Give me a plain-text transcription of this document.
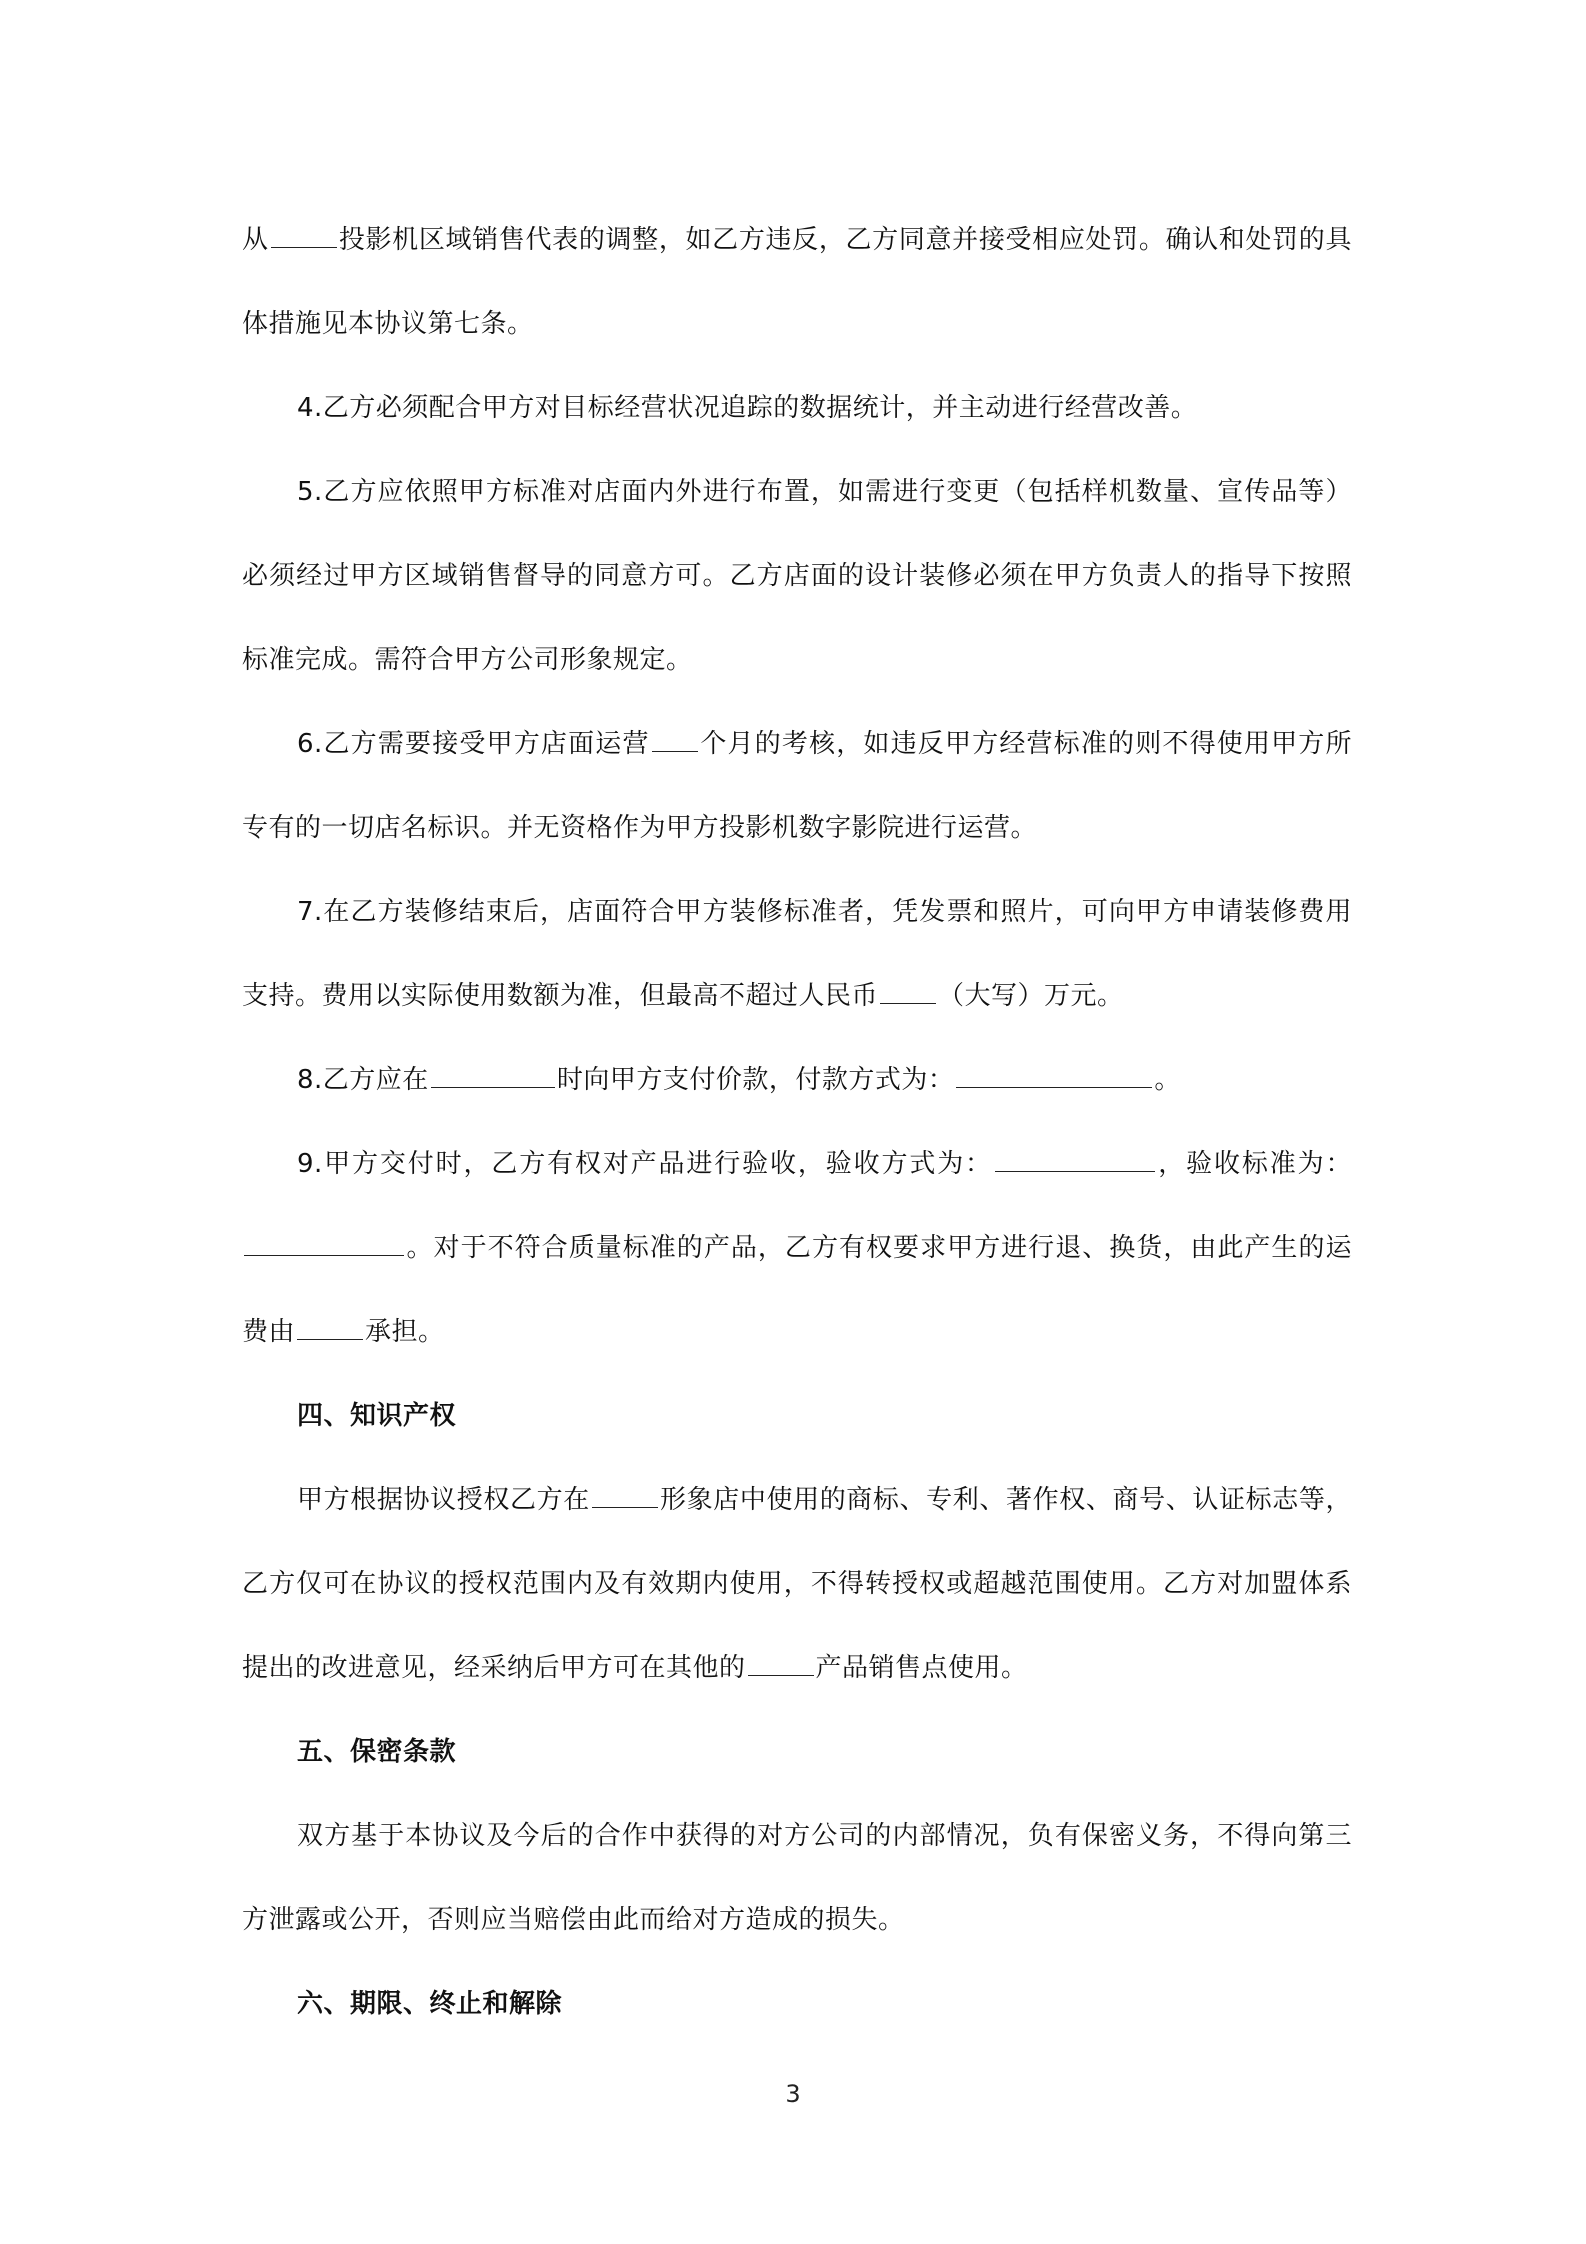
从	投影机区域销售代表的调整，如乙方违反，乙方同意并接受相应处罚。确认和处罚的具体措施见本协议第七条。

4.乙方必须配合甲方对目标经营状况追踪的数据统计，并主动进行经营改善。

5.乙方应依照甲方标准对店面内外进行布置，如需进行变更（包括样机数量、宣传品等）必须经过甲方区域销售督导的同意方可。乙方店面的设计装修必须在甲方负责人的指导下按照标准完成。需符合甲方公司形象规定。

6.乙方需要接受甲方店面运营 个月的考核，如违反甲方经营标准的则不得使用甲方所专有的一切店名标识。并无资格作为甲方投影机数字影院进行运营。

7.在乙方装修结束后，店面符合甲方装修标准者，凭发票和照片，可向甲方申请装修费用支持。费用以实际使用数额为准，但最高不超过人民币 （大写）万元。

8.乙方应在	时向甲方支付价款，付款方式为：	。

9.甲方交付时，乙方有权对产品进行验收，验收方式为：	，验收标准为：。对于不符合质量标准的产品，乙方有权要求甲方进行退、换货，由此产生的运费由	承担。

四、知识产权

甲方根据协议授权乙方在	形象店中使用的商标、专利、著作权、商号、认证标志等，乙方仅可在协议的授权范围内及有效期内使用，不得转授权或超越范围使用。乙方对加盟体系提出的改进意见，经采纳后甲方可在其他的	产品销售点使用。

五、保密条款

双方基于本协议及今后的合作中获得的对方公司的内部情况，负有保密义务，不得向第三方泄露或公开，否则应当赔偿由此而给对方造成的损失。

六、期限、终止和解除

3
